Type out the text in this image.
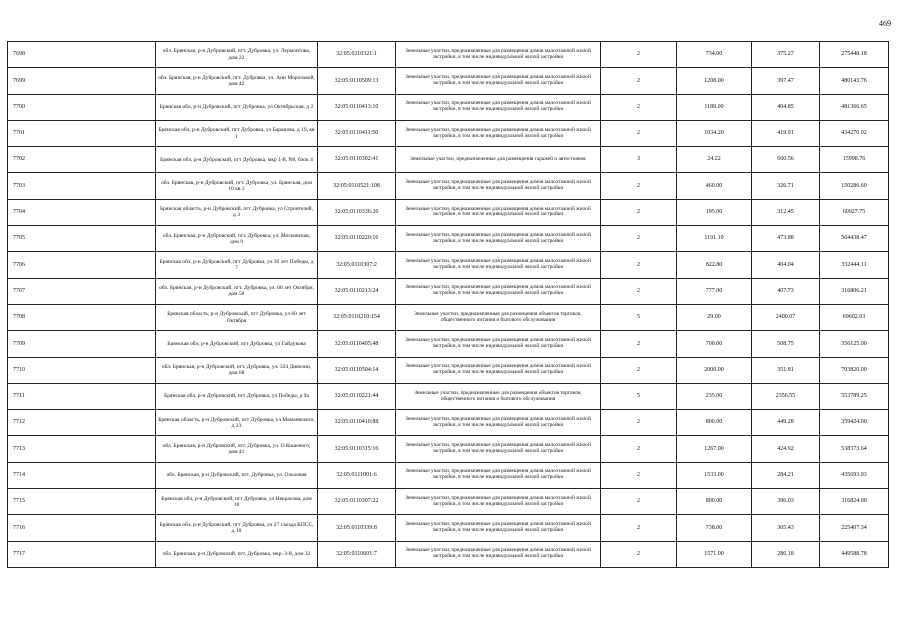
469
7698	обл. Брянская, р-н Дубровский, пгт. Дубровка, ул. Лермонтова, дом 22	32:05:0110321:1	Земельные участки, предназначенные для размещения домов малоэтажной жилой застройки, в том числе индивидуальной жилой застройки	2	734.00	375.27	275448.18
7699	обл. Брянская, р-н Дубровский, пгт. Дубровка, ул. Ани Морозовой, дом 42	32:05:0110509:13	Земельные участки, предназначенные для размещения домов малоэтажной жилой застройки, в том числе индивидуальной жилой застройки	2	1208.00	397.47	480143.76
7700	Брянская обл, р-н Дубровский, пгт Дубровка, ул Октябрьская, д 2	32:05:0110413:10	Земельные участки, предназначенные для размещения домов малоэтажной жилой застройки, в том числе индивидуальной жилой застройки	2	1189.00	404.85	481366.65
7701	Брянская обл, р-н Дубровский, пгт Дубровка, ул Баранова, д 19, кв 1	32:05:0110411:50	Земельные участки, предназначенные для размещения домов малоэтажной жилой застройки, в том числе индивидуальной жилой застройки	2	1034.20	419.91	434270.92
7702	Брянская обл, р-н Дубровский, пгт Дубровка, мкр 1-й, N8, блок 4	32:05:0110302:41	Земельные участки, предназначенные для размещения гаражей и автостоянок	3	24.22	660.56	15998.76
7703	обл. Брянская, р-н Дубровский, пгт. Дубровка, ул. Брянская, дом 10 кв 2	32:05:0110521:108	Земельные участки, предназначенные для размещения домов малоэтажной жилой застройки, в том числе индивидуальной жилой застройки	2	460.00	326.71	150286.60
7704	Брянская область, р-н Дубровский, пгт Дубровка, ул Строителей, д 3	32:05:0110336:26	Земельные участки, предназначенные для размещения домов малоэтажной жилой застройки, в том числе индивидуальной жилой застройки	2	195.00	312.45	60927.75
7705	обл. Брянская, р-н Дубровский, пгт. Дубровка, ул. Московская, дом 9	32:05:0110220:16	Земельные участки, предназначенные для размещения домов малоэтажной жилой застройки, в том числе индивидуальной жилой застройки	2	1191.10	473.88	564438.47
7706	Брянская обл, р-н Дубровский, пгт Дубровка, ул 30 лет Победы, д 7	32:05:0110307:2	Земельные участки, предназначенные для размещения домов малоэтажной жилой застройки, в том числе индивидуальной жилой застройки	2	822.80	404.04	332444.11
7707	обл. Брянская, р-н Дубровский, пгт. Дубровка, ул. 60 лет Октября, дом 58	32:05:0110213:24	Земельные участки, предназначенные для размещения домов малоэтажной жилой застройки, в том числе индивидуальной жилой застройки	2	777.00	407.73	316806.21
7708	Брянская область, р-н Дубровский, пгт Дубровка, ул 60 лет Октября	32:05:0110210:154	Земельные участки, предназначенные для размещения объектов торговли, общественного питания и бытового обслуживания	5	29.00	2400.07	69602.03
7709	Брянская обл, р-н Дубровский, пгт Дубровка, ул Гайдукова	32:05:0110405:48	Земельные участки, предназначенные для размещения домов малоэтажной жилой застройки, в том числе индивидуальной жилой застройки	2	700.00	508.75	356125.00
7710	обл. Брянская, р-н Дубровский, пгт. Дубровка, ул. 324 Дивизии, дом 68	32:05:0110504:14	Земельные участки, предназначенные для размещения домов малоэтажной жилой застройки, в том числе индивидуальной жилой застройки	2	2000.00	351.91	703820.00
7711	Брянская обл, р-н Дубровский, пгт Дубровка, ул Победы, д 9а	32:05:0110221:44	Земельные участки, предназначенные для размещения объектов торговли, общественного питания и бытового обслуживания	5	235.00	2356.55	553789.25
7712	Брянская область, р-н Дубровский, пгт Дубровка, ул Мамоевского, д 23	32:05:0110410:88	Земельные участки, предназначенные для размещения домов малоэтажной жилой застройки, в том числе индивидуальной жилой застройки	2	800.00	449.28	359424.00
7713	обл. Брянская, р-н Дубровский, пгт. Дубровка, ул. О.Кошевого, дом 41	32:05:0110315:16	Земельные участки, предназначенные для размещения домов малоэтажной жилой застройки, в том числе индивидуальной жилой застройки	2	1267.00	424.92	538373.64
7714	обл. Брянская, р-н Дубровский, пгт. Дубровка, ул. Ольховая	32:05:0111001:6	Земельные участки, предназначенные для размещения домов малоэтажной жилой застройки, в том числе индивидуальной жилой застройки	2	1533.00	284.21	435693.93
7715	Брянская обл, р-н Дубровский, пгт Дубровка, ул Некрасова, дом 18	32:05:0110307:22	Земельные участки, предназначенные для размещения домов малоэтажной жилой застройки, в том числе индивидуальной жилой застройки	2	800.00	396.03	316824.00
7716	Брянская обл, р-н Дубровский, пгт Дубровка, ул 27 съезда КПСС, д 10	32:05:0110339:8	Земельные участки, предназначенные для размещения домов малоэтажной жилой застройки, в том числе индивидуальной жилой застройки	2	738.00	305.43	225407.34
7717	обл. Брянская, р-н Дубровский, пгт. Дубровка, мкр. 3-й, дом 32	32:05:0110601:7	Земельные участки, предназначенные для размещения домов малоэтажной жилой застройки, в том числе индивидуальной жилой застройки	2	1571.00	286.18	449588.78
